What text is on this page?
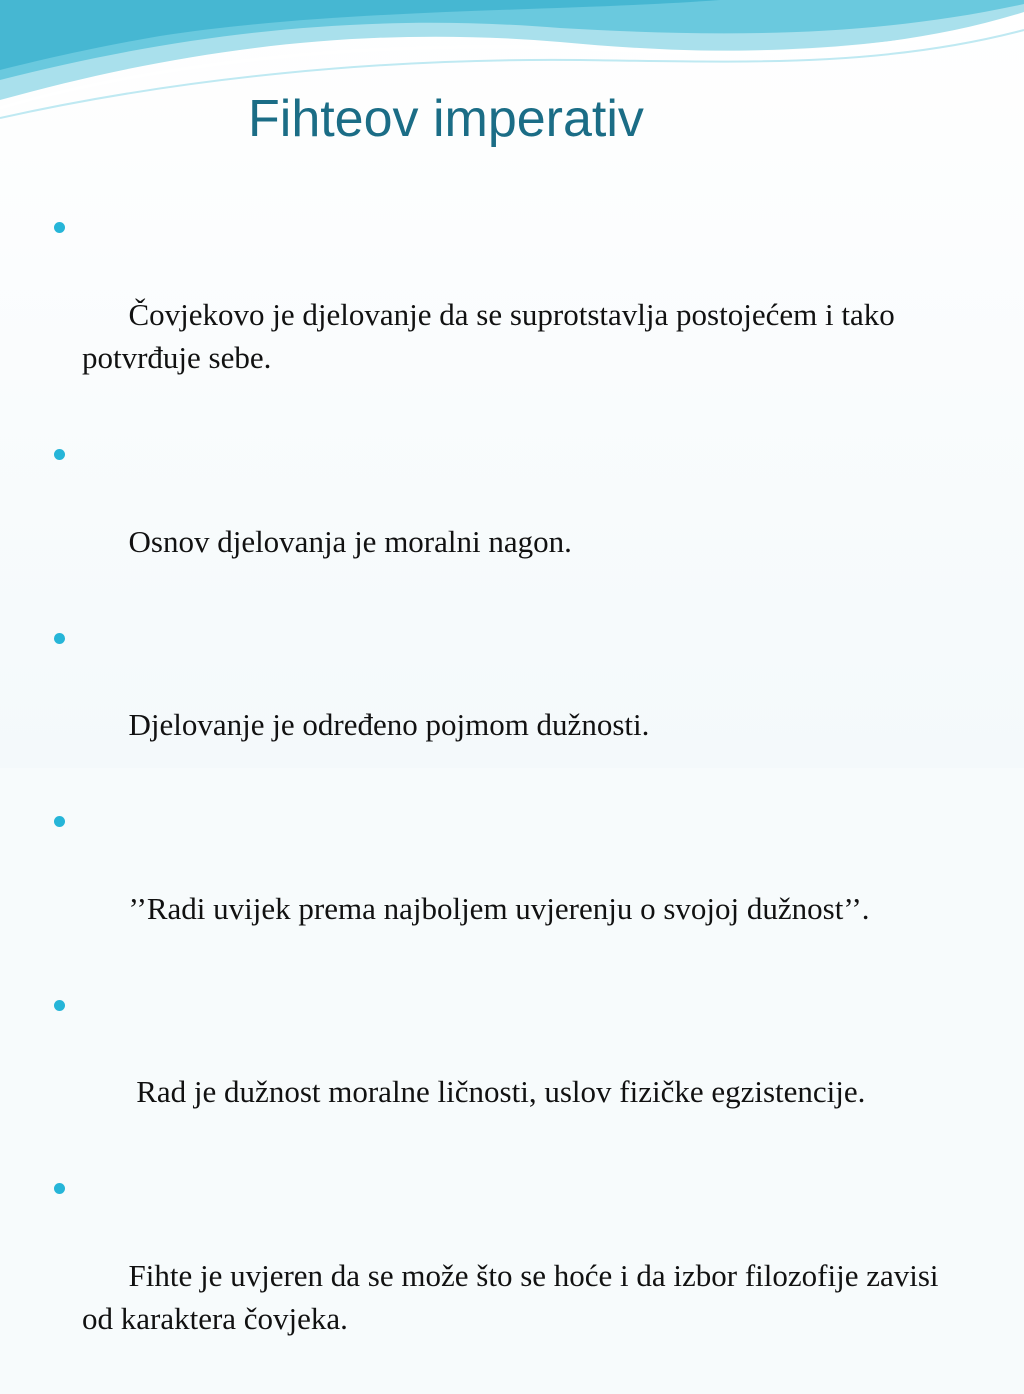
Fihteov imperativ

Čovjekovo je djelovanje da se suprotstavlja postojećem i tako potvrđuje sebe.

Osnov djelovanja je moralni nagon.

Djelovanje je određeno pojmom dužnosti.

’’Radi uvijek prema najboljem uvjerenju o svojoj dužnost’’.

Rad je dužnost moralne ličnosti, uslov fizičke egzistencije.

Fihte je uvjeren da se može što se hoće i da izbor filozofije zavisi od karaktera čovjeka.
